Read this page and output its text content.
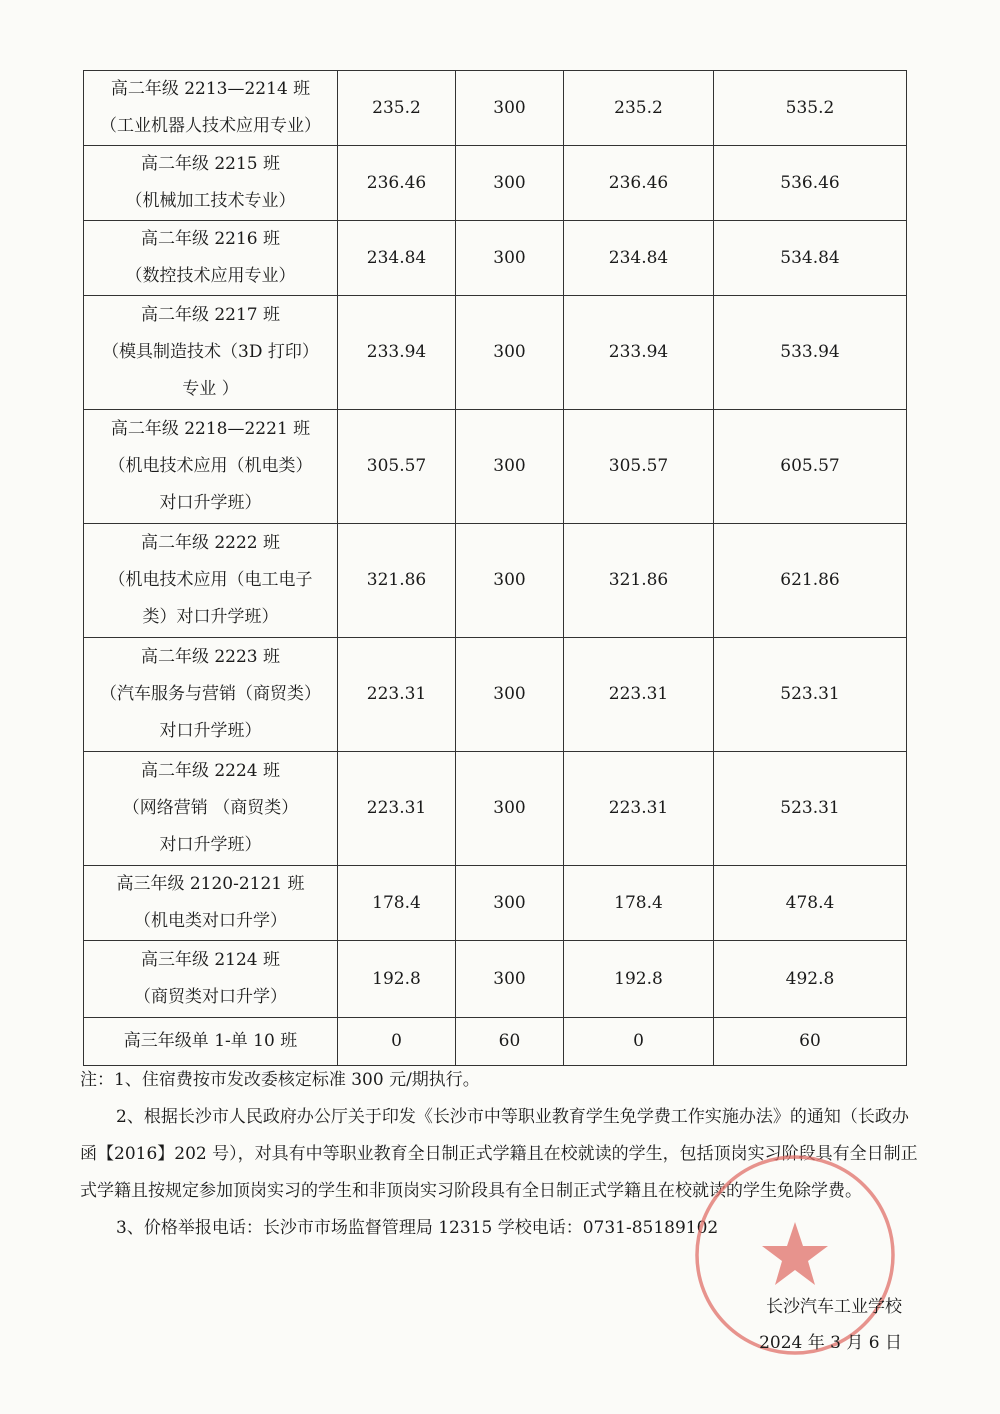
高二年级 2213—2214 班
（工业机器人技术应用专业）	235.2	300	235.2	535.2

高二年级 2215 班
（机械加工技术专业）	236.46	300	236.46	536.46

高二年级 2216 班
（数控技术应用专业）	234.84	300	234.84	534.84

高二年级 2217 班
（模具制造技术（3D 打印）
专业 ）	233.94	300	233.94	533.94

高二年级 2218—2221 班
（机电技术应用（机电类）
对口升学班）	305.57	300	305.57	605.57

高二年级 2222 班
（机电技术应用（电工电子
类）对口升学班）	321.86	300	321.86	621.86

高二年级 2223 班
（汽车服务与营销（商贸类）
对口升学班）	223.31	300	223.31	523.31

高二年级 2224 班
（网络营销 （商贸类）
对口升学班）	223.31	300	223.31	523.31

高三年级 2120-2121 班
（机电类对口升学）	178.4	300	178.4	478.4

高三年级 2124 班
（商贸类对口升学）	192.8	300	192.8	492.8

高三年级单 1-单 10 班	0	60	0	60

注：1、住宿费按市发改委核定标准 300 元/期执行。

2、根据长沙市人民政府办公厅关于印发《长沙市中等职业教育学生免学费工作实施办法》的通知（长政办函【2016】202 号），对具有中等职业教育全日制正式学籍且在校就读的学生，包括顶岗实习阶段具有全日制正式学籍且按规定参加顶岗实习的学生和非顶岗实习阶段具有全日制正式学籍且在校就读的学生免除学费。

3、价格举报电话：长沙市市场监督管理局 12315 学校电话：0731-85189102

长沙汽车工业学校
2024 年 3 月 6 日
